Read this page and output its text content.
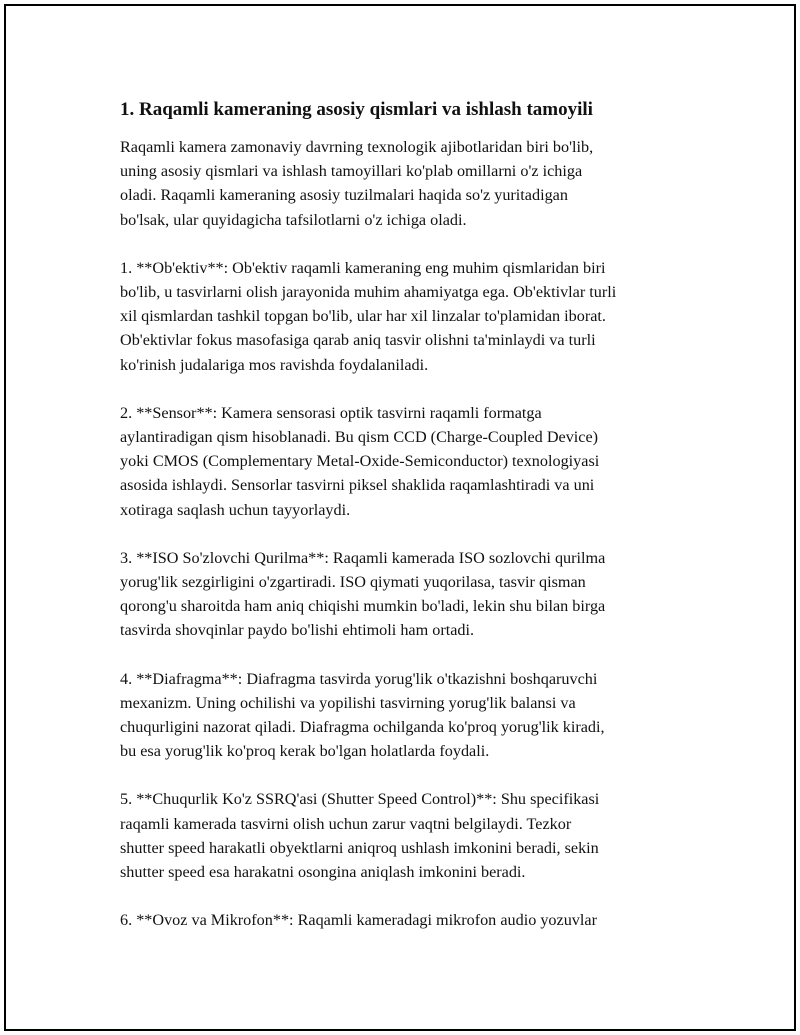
1. Raqamli kameraning asosiy qismlari va ishlash tamoyili

Raqamli kamera zamonaviy davrning texnologik ajibotlaridan biri bo'lib,
uning asosiy qismlari va ishlash tamoyillari ko'plab omillarni o'z ichiga
oladi. Raqamli kameraning asosiy tuzilmalari haqida so'z yuritadigan
bo'lsak, ular quyidagicha tafsilotlarni o'z ichiga oladi.

1. **Ob'ektiv**: Ob'ektiv raqamli kameraning eng muhim qismlaridan biri
bo'lib, u tasvirlarni olish jarayonida muhim ahamiyatga ega. Ob'ektivlar turli
xil qismlardan tashkil topgan bo'lib, ular har xil linzalar to'plamidan iborat.
Ob'ektivlar fokus masofasiga qarab aniq tasvir olishni ta'minlaydi va turli
ko'rinish judalariga mos ravishda foydalaniladi.

2. **Sensor**: Kamera sensorasi optik tasvirni raqamli formatga
aylantiradigan qism hisoblanadi. Bu qism CCD (Charge-Coupled Device)
yoki CMOS (Complementary Metal-Oxide-Semiconductor) texnologiyasi
asosida ishlaydi. Sensorlar tasvirni piksel shaklida raqamlashtiradi va uni
xotiraga saqlash uchun tayyorlaydi.

3. **ISO So'zlovchi Qurilma**: Raqamli kamerada ISO sozlovchi qurilma
yorug'lik sezgirligini o'zgartiradi. ISO qiymati yuqorilasa, tasvir qisman
qorong'u sharoitda ham aniq chiqishi mumkin bo'ladi, lekin shu bilan birga
tasvirda shovqinlar paydo bo'lishi ehtimoli ham ortadi.

4. **Diafragma**: Diafragma tasvirda yorug'lik o'tkazishni boshqaruvchi
mexanizm. Uning ochilishi va yopilishi tasvirning yorug'lik balansi va
chuqurligini nazorat qiladi. Diafragma ochilganda ko'proq yorug'lik kiradi,
bu esa yorug'lik ko'proq kerak bo'lgan holatlarda foydali.

5. **Chuqurlik Ko'z SSRQ'asi (Shutter Speed Control)**: Shu specifikasi
raqamli kamerada tasvirni olish uchun zarur vaqtni belgilaydi. Tezkor
shutter speed harakatli obyektlarni aniqroq ushlash imkonini beradi, sekin
shutter speed esa harakatni osongina aniqlash imkonini beradi.

6. **Ovoz va Mikrofon**: Raqamli kameradagi mikrofon audio yozuvlar
